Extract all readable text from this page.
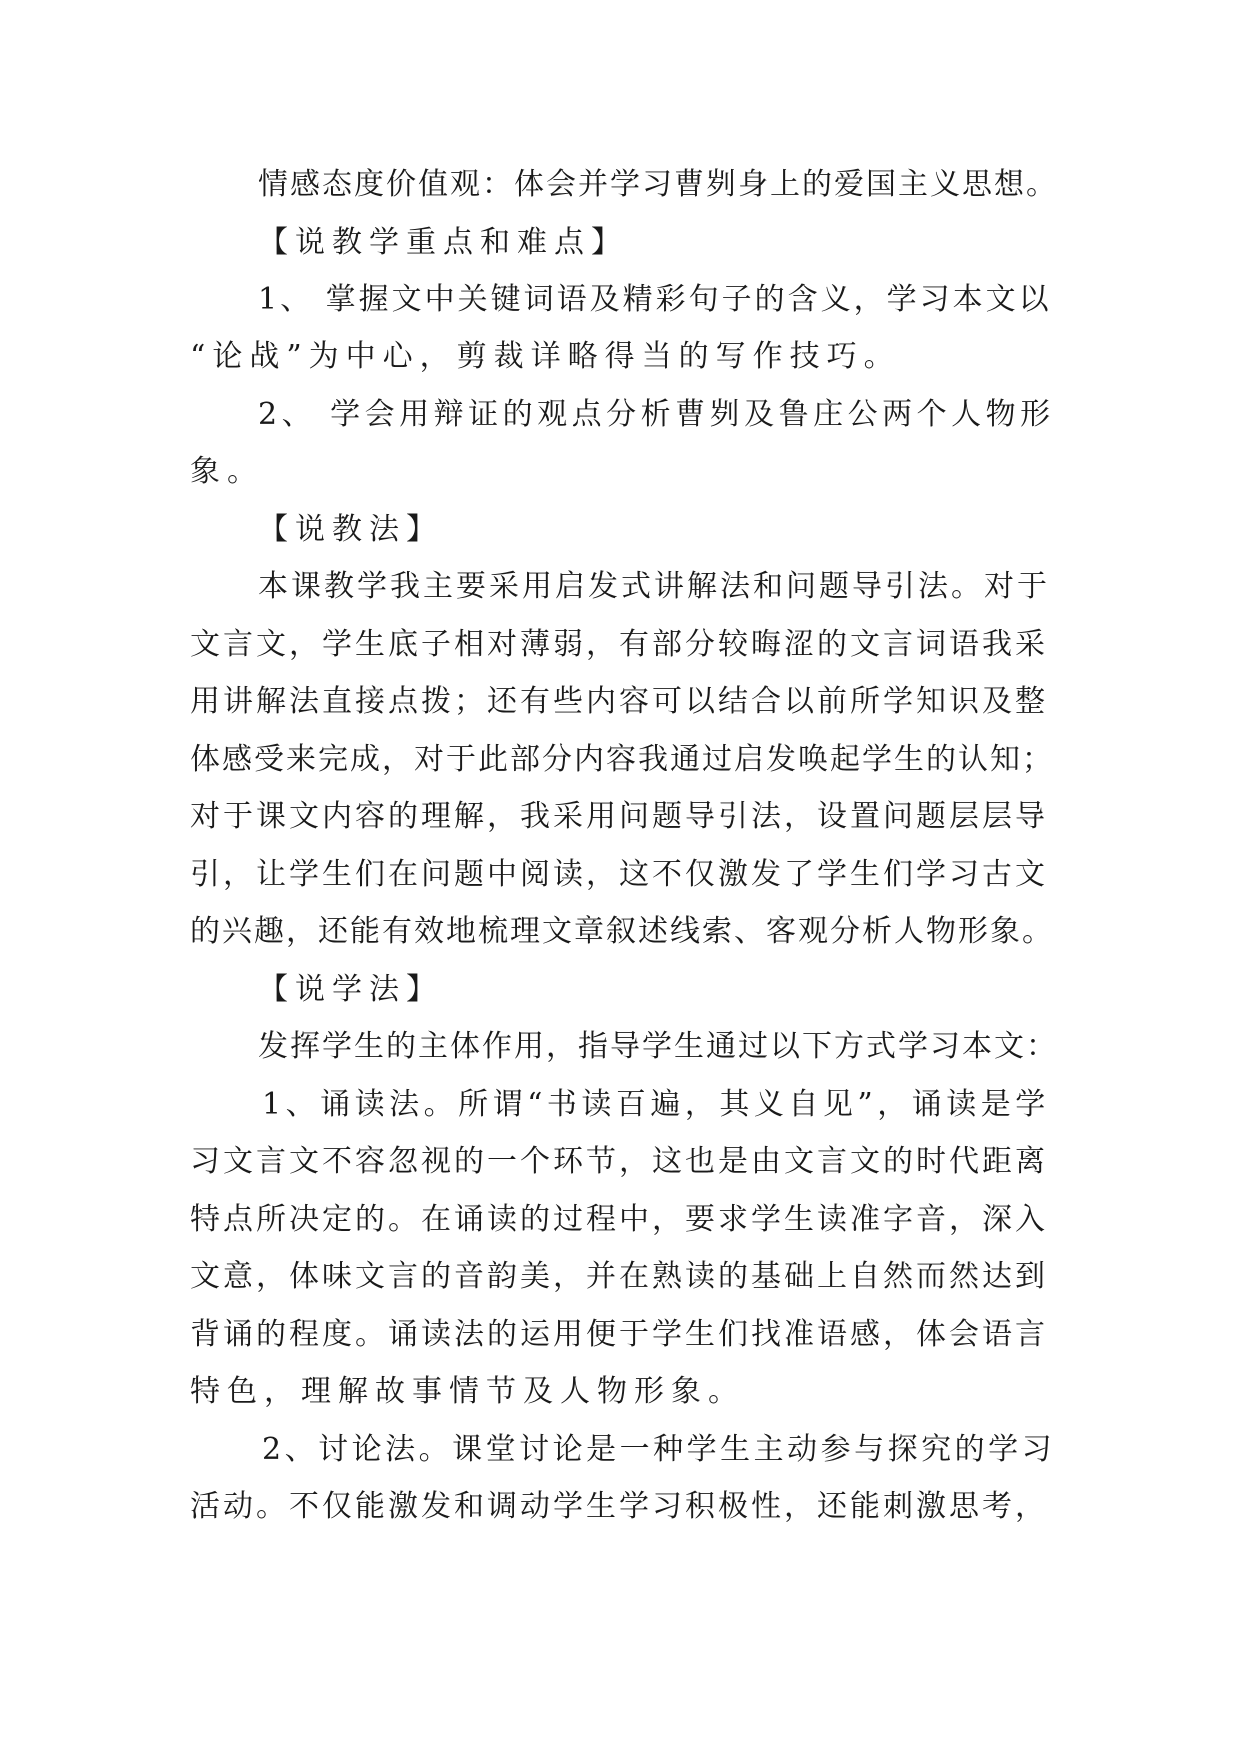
情感态度价值观：体会并学习曹刿身上的爱国主义思想。

【说教学重点和难点】

1、 掌握文中关键词语及精彩句子的含义，学习本文以

“论战”为中心，剪裁详略得当的写作技巧。

2、 学会用辩证的观点分析曹刿及鲁庄公两个人物形

象。

【说教法】

本课教学我主要采用启发式讲解法和问题导引法。对于

文言文，学生底子相对薄弱，有部分较晦涩的文言词语我采

用讲解法直接点拨；还有些内容可以结合以前所学知识及整

体感受来完成，对于此部分内容我通过启发唤起学生的认知；

对于课文内容的理解，我采用问题导引法，设置问题层层导

引，让学生们在问题中阅读，这不仅激发了学生们学习古文

的兴趣，还能有效地梳理文章叙述线索、客观分析人物形象。

【说学法】

发挥学生的主体作用，指导学生通过以下方式学习本文：

1、诵读法。所谓“书读百遍，其义自见”，诵读是学

习文言文不容忽视的一个环节，这也是由文言文的时代距离

特点所决定的。在诵读的过程中，要求学生读准字音，深入

文意，体味文言的音韵美，并在熟读的基础上自然而然达到

背诵的程度。诵读法的运用便于学生们找准语感，体会语言

特色，理解故事情节及人物形象。

2、讨论法。课堂讨论是一种学生主动参与探究的学习

活动。不仅能激发和调动学生学习积极性，还能刺激思考，
